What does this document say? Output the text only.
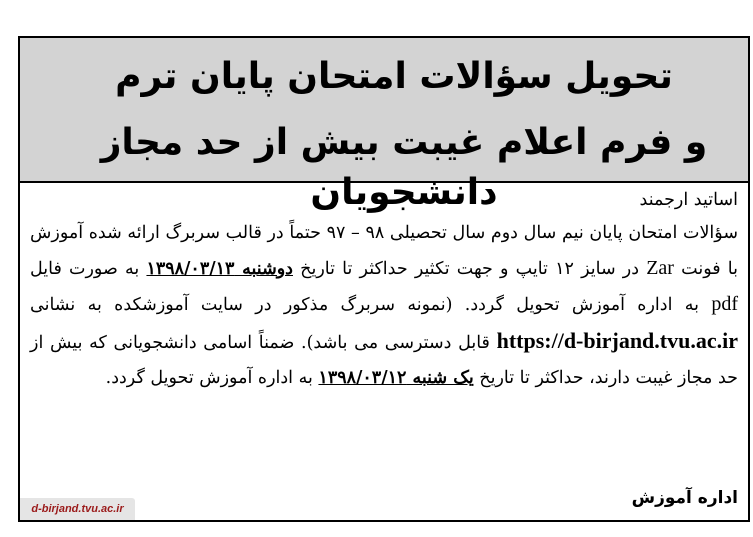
تحویل سؤالات امتحان پایان ترم
و فرم اعلام غیبت بیش از حد مجاز دانشجویان	اساتید ارجمند

سؤالات امتحان پایان نیم سال دوم سال تحصیلی ۹۸ – ۹۷ حتماً در قالب سربرگ ارائه شده آموزش با فونت Zar در سایز ۱۲ تایپ و جهت تکثیر حداکثر تا تاریخ دوشنبه ۱۳۹۸/۰۳/۱۳ به صورت فایل pdf به اداره آموزش تحویل گردد. (نمونه سربرگ مذکور در سایت آموزشکده به نشانی https://d-birjand.tvu.ac.ir قابل دسترسی می باشد). ضمناً اسامی دانشجویانی که بیش از حد مجاز غیبت دارند، حداکثر تا تاریخ یک شنبه ۱۳۹۸/۰۳/۱۲ به اداره آموزش تحویل گردد.

اداره آموزش
d-birjand.tvu.ac.ir
